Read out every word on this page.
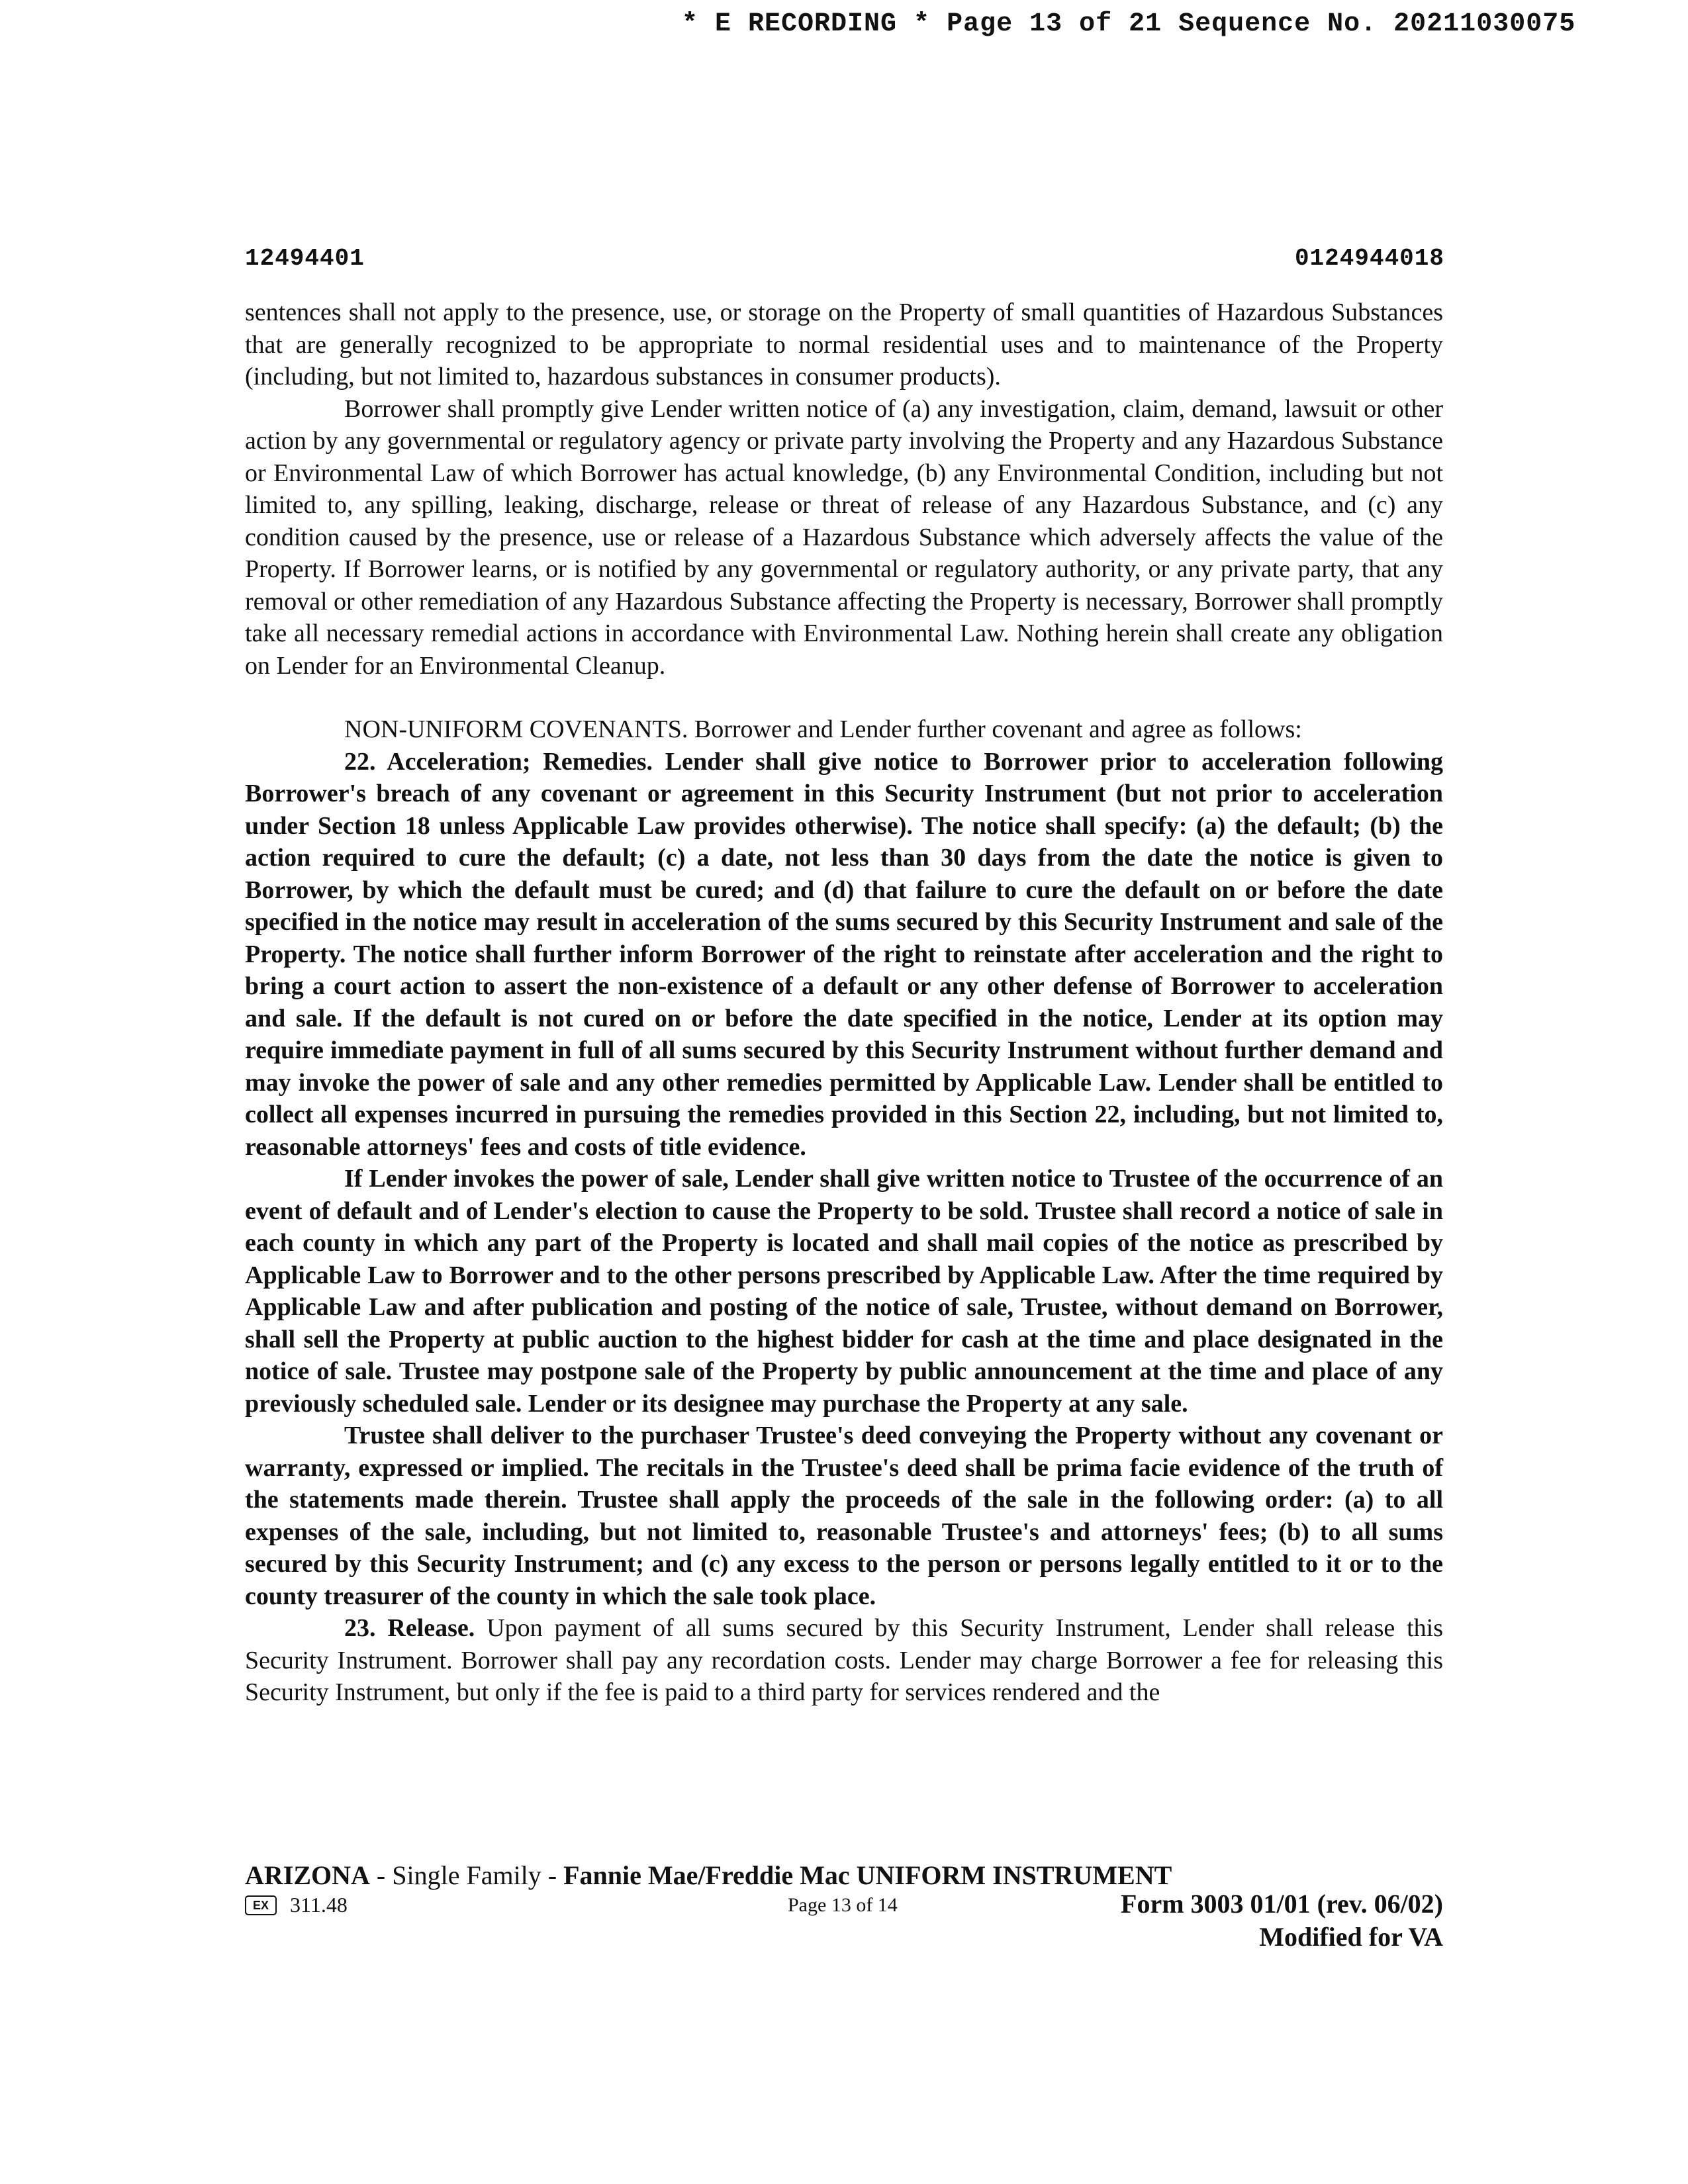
* E RECORDING * Page 13 of 21 Sequence No. 20211030075
12494401	0124944018

sentences shall not apply to the presence, use, or storage on the Property of small quantities of Hazardous Substances that are generally recognized to be appropriate to normal residential uses and to maintenance of the Property (including, but not limited to, hazardous substances in consumer products).

Borrower shall promptly give Lender written notice of (a) any investigation, claim, demand, lawsuit or other action by any governmental or regulatory agency or private party involving the Property and any Hazardous Substance or Environmental Law of which Borrower has actual knowledge, (b) any Environmental Condition, including but not limited to, any spilling, leaking, discharge, release or threat of release of any Hazardous Substance, and (c) any condition caused by the presence, use or release of a Hazardous Substance which adversely affects the value of the Property. If Borrower learns, or is notified by any governmental or regulatory authority, or any private party, that any removal or other remediation of any Hazardous Substance affecting the Property is necessary, Borrower shall promptly take all necessary remedial actions in accordance with Environmental Law. Nothing herein shall create any obligation on Lender for an Environmental Cleanup.

NON-UNIFORM COVENANTS. Borrower and Lender further covenant and agree as follows:

22. Acceleration; Remedies. Lender shall give notice to Borrower prior to acceleration following Borrower's breach of any covenant or agreement in this Security Instrument (but not prior to acceleration under Section 18 unless Applicable Law provides otherwise). The notice shall specify: (a) the default; (b) the action required to cure the default; (c) a date, not less than 30 days from the date the notice is given to Borrower, by which the default must be cured; and (d) that failure to cure the default on or before the date specified in the notice may result in acceleration of the sums secured by this Security Instrument and sale of the Property. The notice shall further inform Borrower of the right to reinstate after acceleration and the right to bring a court action to assert the non-existence of a default or any other defense of Borrower to acceleration and sale. If the default is not cured on or before the date specified in the notice, Lender at its option may require immediate payment in full of all sums secured by this Security Instrument without further demand and may invoke the power of sale and any other remedies permitted by Applicable Law. Lender shall be entitled to collect all expenses incurred in pursuing the remedies provided in this Section 22, including, but not limited to, reasonable attorneys' fees and costs of title evidence.

If Lender invokes the power of sale, Lender shall give written notice to Trustee of the occurrence of an event of default and of Lender's election to cause the Property to be sold. Trustee shall record a notice of sale in each county in which any part of the Property is located and shall mail copies of the notice as prescribed by Applicable Law to Borrower and to the other persons prescribed by Applicable Law. After the time required by Applicable Law and after publication and posting of the notice of sale, Trustee, without demand on Borrower, shall sell the Property at public auction to the highest bidder for cash at the time and place designated in the notice of sale. Trustee may postpone sale of the Property by public announcement at the time and place of any previously scheduled sale. Lender or its designee may purchase the Property at any sale.

Trustee shall deliver to the purchaser Trustee's deed conveying the Property without any covenant or warranty, expressed or implied. The recitals in the Trustee's deed shall be prima facie evidence of the truth of the statements made therein. Trustee shall apply the proceeds of the sale in the following order: (a) to all expenses of the sale, including, but not limited to, reasonable Trustee's and attorneys' fees; (b) to all sums secured by this Security Instrument; and (c) any excess to the person or persons legally entitled to it or to the county treasurer of the county in which the sale took place.

23. Release. Upon payment of all sums secured by this Security Instrument, Lender shall release this Security Instrument. Borrower shall pay any recordation costs. Lender may charge Borrower a fee for releasing this Security Instrument, but only if the fee is paid to a third party for services rendered and the

ARIZONA - Single Family - Fannie Mae/Freddie Mac UNIFORM INSTRUMENT
EX	311.48	Page 13 of 14	Form 3003 01/01 (rev. 06/02)
Modified for VA
